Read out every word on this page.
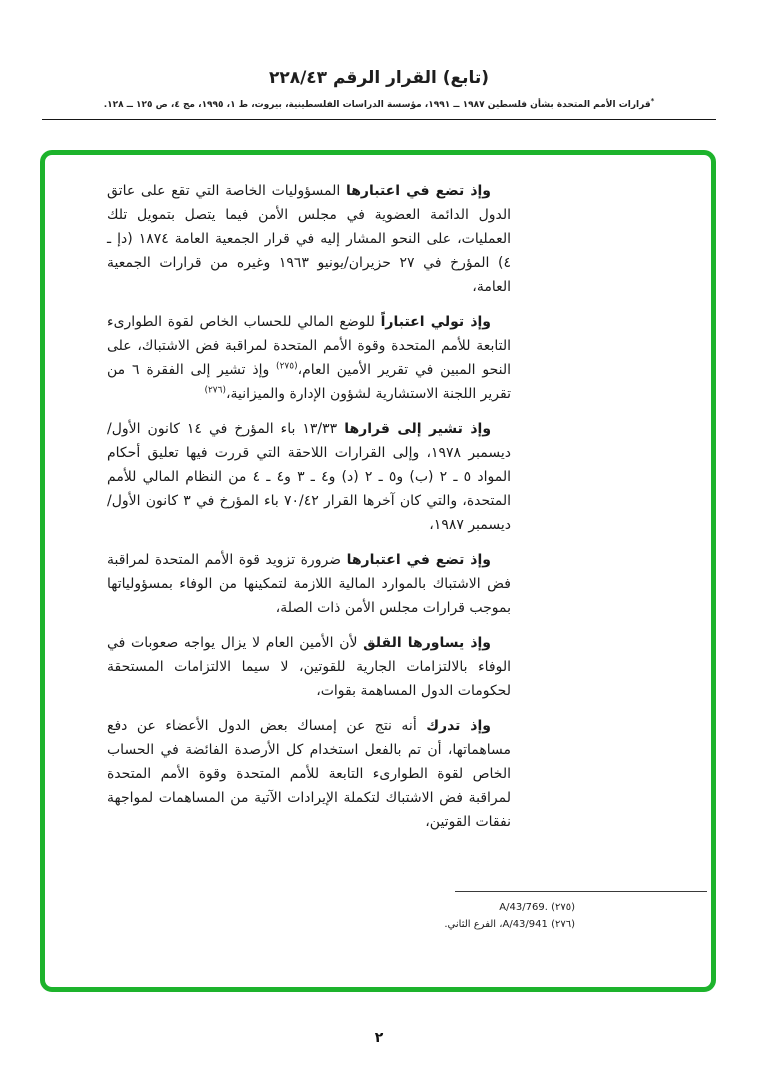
(تابع) القرار الرقم ٢٢٨/٤٣

*قرارات الأمم المتحدة بشأن فلسطين ١٩٨٧ ــ ١٩٩١، مؤسسة الدراسات الفلسطينية، بيروت، ط ١، ١٩٩٥، مج ٤، ص ١٢٥ ــ ١٢٨.

وإذ تضع في اعتبارها المسؤوليات الخاصة التي تقع على عاتق الدول الدائمة العضوية في مجلس الأمن فيما يتصل بتمويل تلك العمليات، على النحو المشار إليه في قرار الجمعية العامة ١٨٧٤ (دإ ـ ٤) المؤرخ في ٢٧ حزيران/يونيو ١٩٦٣ وغيره من قرارات الجمعية العامة،

وإذ تولي اعتباراً للوضع المالي للحساب الخاص لقوة الطوارىء التابعة للأمم المتحدة وقوة الأمم المتحدة لمراقبة فض الاشتباك، على النحو المبين في تقرير الأمين العام،$^{(٢٧٥)}$ وإذ تشير إلى الفقرة ٦ من تقرير اللجنة الاستشارية لشؤون الإدارة والميزانية،$^{(٢٧٦)}$

وإذ تشير إلى قرارها ١٣/٣٣ باء المؤرخ في ١٤ كانون الأول/ديسمبر ١٩٧٨، وإلى القرارات اللاحقة التي قررت فيها تعليق أحكام المواد ٥ ـ ٢ (ب) و٥ ـ ٢ (د) و٤ ـ ٣ و٤ ـ ٤ من النظام المالي للأمم المتحدة، والتي كان آخرها القرار ٧٠/٤٢ باء المؤرخ في ٣ كانون الأول/ديسمبر ١٩٨٧،

وإذ تضع في اعتبارها ضرورة تزويد قوة الأمم المتحدة لمراقبة فض الاشتباك بالموارد المالية اللازمة لتمكينها من الوفاء بمسؤولياتها بموجب قرارات مجلس الأمن ذات الصلة،

وإذ يساورها القلق لأن الأمين العام لا يزال يواجه صعوبات في الوفاء بالالتزامات الجارية للقوتين، لا سيما الالتزامات المستحقة لحكومات الدول المساهمة بقوات،

وإذ تدرك أنه نتج عن إمساك بعض الدول الأعضاء عن دفع مساهماتها، أن تم بالفعل استخدام كل الأرصدة الفائضة في الحساب الخاص لقوة الطوارىء التابعة للأمم المتحدة وقوة الأمم المتحدة لمراقبة فض الاشتباك لتكملة الإيرادات الآتية من المساهمات لمواجهة نفقات القوتين،

(٢٧٥) A/43/769.
(٢٧٦) A/43/941، الفرع الثاني.
٢
